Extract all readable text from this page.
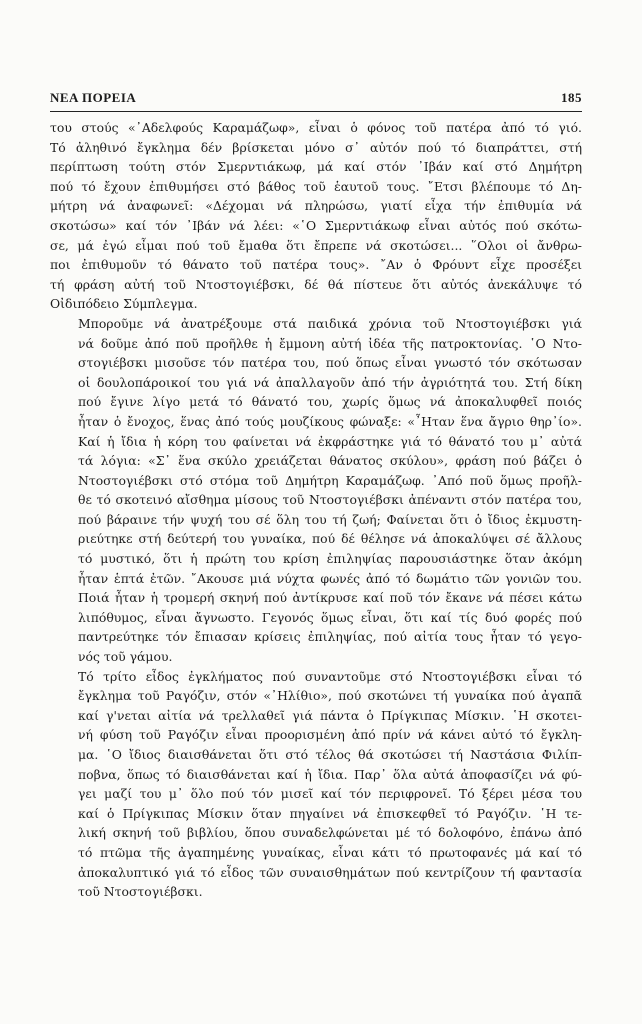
ΝΕΑ ΠΟΡΕΙΑ	185
του στούς «᾽Αδελφούς Καραμάζωφ», εἶναι ὁ φόνος τοῦ πατέρα ἀπό τό γιό.
Τό ἀληθινό ἔγκλημα δέν βρίσκεται μόνο σ᾽ αὐτόν πού τό διαπράττει, στή
περίπτωση τούτη στόν Σμερντιάκωφ, μά καί στόν ᾽Ιβάν καί στό Δημήτρη
πού τό ἔχουν ἐπιθυμήσει στό βάθος τοῦ ἑαυτοῦ τους. ῎Ετσι βλέπουμε τό Δη-
μήτρη νά ἀναφωνεῖ: «Δέχομαι νά πληρώσω, γιατί εἶχα τήν ἐπιθυμία νά
σκοτώσω» καί τόν ᾽Ιβάν νά λέει: «῾Ο Σμερντιάκωφ εἶναι αὐτός πού σκότω-
σε, μά ἐγώ εἶμαι πού τοῦ ἔμαθα ὅτι ἔπρεπε νά σκοτώσει... ῞Ολοι οἱ ἄνθρω-
ποι ἐπιθυμοῦν τό θάνατο τοῦ πατέρα τους». ῎Αν ὁ Φρόυντ εἶχε προσέξει
τή φράση αὐτή τοῦ Ντοστογιέβσκι, δέ θά πίστευε ὅτι αὐτός ἀνεκάλυψε τό
Οἰδιπόδειο Σύμπλεγμα.
Μποροῦμε νά ἀνατρέξουμε στά παιδικά χρόνια τοῦ Ντοστογιέβσκι γιά
νά δοῦμε ἀπό ποῦ προῆλθε ἡ ἔμμονη αὐτή ἰδέα τῆς πατροκτονίας. ῾Ο Ντο-
στογιέβσκι μισοῦσε τόν πατέρα του, πού ὅπως εἶναι γνωστό τόν σκότωσαν
οἱ δουλοπάροικοί του γιά νά ἀπαλλαγοῦν ἀπό τήν ἀγριότητά του. Στή δίκη
πού ἔγινε λίγο μετά τό θάνατό του, χωρίς ὅμως νά ἀποκαλυφθεῖ ποιός
ἦταν ὁ ἔνοχος, ἕνας ἀπό τούς μουζίκους φώναξε: «῏Ηταν ἕνα ἄγριο θηρ᾽ίο».
Καί ἡ ἴδια ἡ κόρη του φαίνεται νά ἐκφράστηκε γιά τό θάνατό του μ᾽ αὐτά
τά λόγια: «Σ᾽ ἕνα σκύλο χρειάζεται θάνατος σκύλου», φράση πού βάζει ὁ
Ντοστογιέβσκι στό στόμα τοῦ Δημήτρη Καραμάζωφ. ᾽Από ποῦ ὅμως προῆλ-
θε τό σκοτεινό αἴσθημα μίσους τοῦ Ντοστογιέβσκι ἀπέναντι στόν πατέρα του,
πού βάραινε τήν ψυχή του σέ ὅλη του τή ζωή; Φαίνεται ὅτι ὁ ἴδιος ἐκμυστη-
ριεύτηκε στή δεύτερή του γυναίκα, πού δέ θέλησε νά ἀποκαλύψει σέ ἄλλους
τό μυστικό, ὅτι ἡ πρώτη του κρίση ἐπιληψίας παρουσιάστηκε ὅταν ἀκόμη
ἦταν ἑπτά ἐτῶν. ῎Ακουσε μιά νύχτα φωνές ἀπό τό δωμάτιο τῶν γονιῶν του.
Ποιά ἦταν ἡ τρομερή σκηνή πού ἀντίκρυσε καί ποῦ τόν ἔκανε νά πέσει κάτω
λιπόθυμος, εἶναι ἄγνωστο. Γεγονός ὅμως εἶναι, ὅτι καί τίς δυό φορές πού
παντρεύτηκε τόν ἔπιασαν κρίσεις ἐπιληψίας, πού αἰτία τους ἦταν τό γεγο-
νός τοῦ γάμου.
Τό τρίτο εἶδος ἐγκλήματος πού συναντοῦμε στό Ντοστογιέβσκι εἶναι τό
ἔγκλημα τοῦ Ραγόζιν, στόν «᾽Ηλίθιο», πού σκοτώνει τή γυναίκα πού ἀγαπᾶ
καί γ'νεται αἰτία νά τρελλαθεῖ γιά πάντα ὁ Πρίγκιπας Μίσκιν. ῾Η σκοτει-
νή φύση τοῦ Ραγόζιν εἶναι προορισμένη ἀπό πρίν νά κάνει αὐτό τό ἔγκλη-
μα. ῾Ο ἴδιος διαισθάνεται ὅτι στό τέλος θά σκοτώσει τή Ναστάσια Φιλίπ-
ποβνα, ὅπως τό διαισθάνεται καί ἡ ἴδια. Παρ᾽ ὅλα αὐτά ἀποφασίζει νά φύ-
γει μαζί του μ᾽ ὅλο πού τόν μισεῖ καί τόν περιφρονεῖ. Τό ξέρει μέσα του
καί ὁ Πρίγκιπας Μίσκιν ὅταν πηγαίνει νά ἐπισκεφθεῖ τό Ραγόζιν. ῾Η τε-
λική σκηνή τοῦ βιβλίου, ὅπου συναδελφώνεται μέ τό δολοφόνο, ἐπάνω ἀπό
τό πτῶμα τῆς ἀγαπημένης γυναίκας, εἶναι κάτι τό πρωτοφανές μά καί τό
ἀποκαλυπτικό γιά τό εἶδος τῶν συναισθημάτων πού κεντρίζουν τή φαντασία
τοῦ Ντοστογιέβσκι.
